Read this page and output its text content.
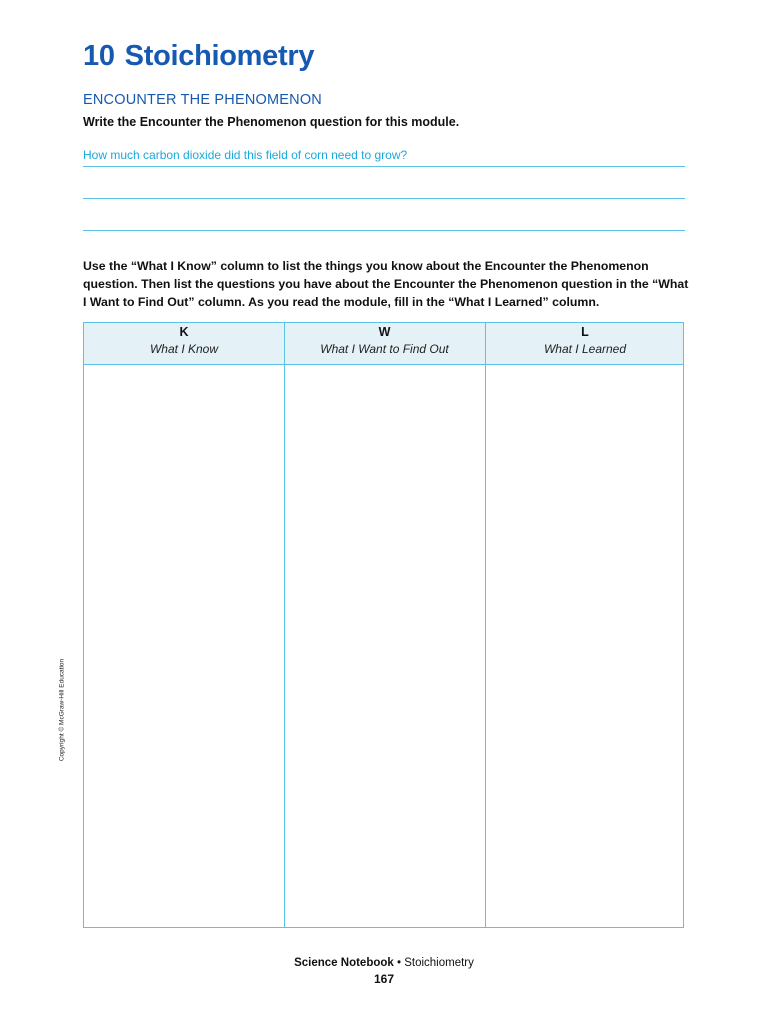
10 Stoichiometry
ENCOUNTER THE PHENOMENON
Write the Encounter the Phenomenon question for this module.
How much carbon dioxide did this field of corn need to grow?
Use the “What I Know” column to list the things you know about the Encounter the Phenomenon question. Then list the questions you have about the Encounter the Phenomenon question in the “What I Want to Find Out” column. As you read the module, fill in the “What I Learned” column.
K
What I Know
W
What I Want to Find Out
L
What I Learned
Copyright © McGraw-Hill Education
Science Notebook • Stoichiometry
167
